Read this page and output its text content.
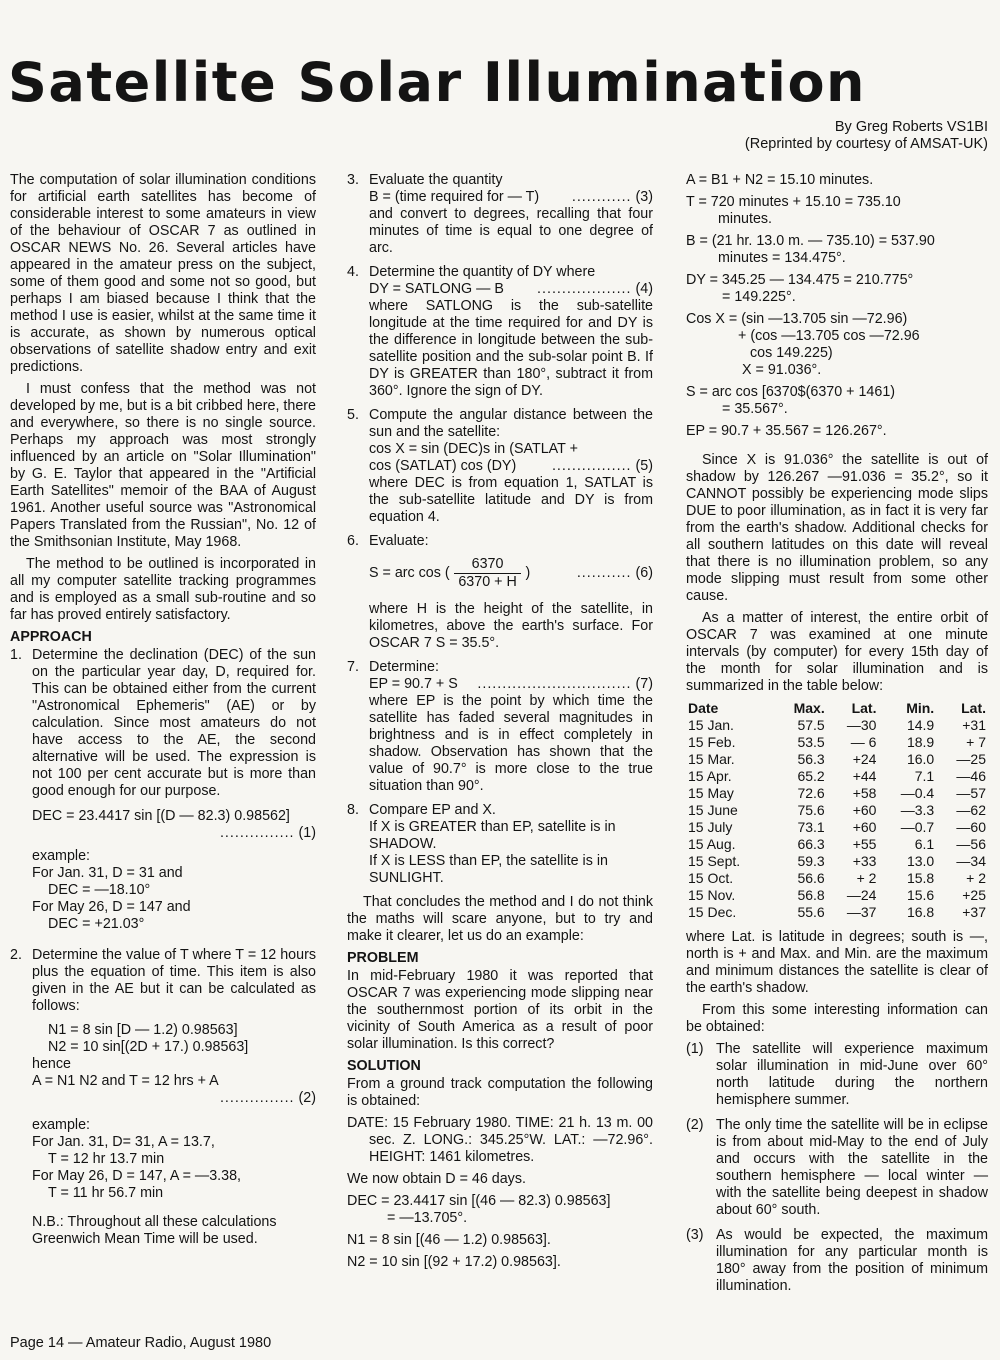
Satellite Solar Illumination
By Greg Roberts VS1BI
(Reprinted by courtesy of AMSAT-UK)

The computation of solar illumination conditions for artificial earth satellites has become of considerable interest to some amateurs in view of the behaviour of OSCAR 7 as outlined in OSCAR NEWS No. 26. Several articles have appeared in the amateur press on the subject, some of them good and some not so good, but perhaps I am biased because I think that the method I use is easier, whilst at the same time it is accurate, as shown by numerous optical observations of satellite shadow entry and exit predictions.

I must confess that the method was not developed by me, but is a bit cribbed here, there and everywhere, so there is no single source. Perhaps my approach was most strongly influenced by an article on "Solar Illumination" by G. E. Taylor that appeared in the "Artificial Earth Satellites" memoir of the BAA of August 1961. Another useful source was "Astronomical Papers Translated from the Russian", No. 12 of the Smithsonian Institute, May 1968.

The method to be outlined is incorporated in all my computer satellite tracking programmes and is employed as a small sub-routine and so far has proved entirely satisfactory.

APPROACH
1. Determine the declination (DEC) of the sun on the particular year day, D, required for. This can be obtained either from the current "Astronomical Ephemeris" (AE) or by calculation. Since most amateurs do not have access to the AE, the second alternative will be used. The expression is not 100 per cent accurate but is more than good enough for our purpose.
DEC = 23.4417 sin [(D — 82.3) 0.98562]
............... (1)
example:
For Jan. 31, D = 31 and
DEC = —18.10°
For May 26, D = 147 and
DEC = +21.03°
2. Determine the value of T where T = 12 hours plus the equation of time. This item is also given in the AE but it can be calculated as follows:
N1 = 8 sin [D — 1.2) 0.98563]
N2 = 10 sin[(2D + 17.) 0.98563]
hence
A = N1 N2 and T = 12 hrs + A
............... (2)
example:
For Jan. 31, D= 31, A = 13.7,
T = 12 hr 13.7 min
For May 26, D = 147, A = —3.38,
T = 11 hr 56.7 min

N.B.: Throughout all these calculations Greenwich Mean Time will be used.

3. Evaluate the quantity
B = (time required for — T)	............ (3)
and convert to degrees, recalling that four minutes of time is equal to one degree of arc.
4. Determine the quantity of DY where
DY = SATLONG — B	................... (4)
where SATLONG is the sub-satellite longitude at the time required for and DY is the difference in longitude between the sub-satellite position and the sub-solar point B. If DY is GREATER than 180°, subtract it from 360°. Ignore the sign of DY.
5. Compute the angular distance between the sun and the satellite:
cos X = sin (DEC)s in (SATLAT +
cos (SATLAT) cos (DY)	................ (5)
where DEC is from equation 1, SATLAT is the sub-satellite latitude and DY is from equation 4.
6. Evaluate:
S = arc cos ( $\frac{6370}{6370 + H}$ )	........... (6)
where H is the height of the satellite, in kilometres, above the earth's surface. For OSCAR 7 S = 35.5°.
7. Determine:
EP = 90.7 + S	............................... (7)
where EP is the point by which time the satellite has faded several magnitudes in brightness and is in effect completely in shadow. Observation has shown that the value of 90.7° is more close to the true situation than 90°.
8. Compare EP and X.
If X is GREATER than EP, satellite is in SHADOW.
If X is LESS than EP, the satellite is in SUNLIGHT.

That concludes the method and I do not think the maths will scare anyone, but to try and make it clearer, let us do an example:

PROBLEM

In mid-February 1980 it was reported that OSCAR 7 was experiencing mode slipping near the southernmost portion of its orbit in the vicinity of South America as a result of poor solar illumination. Is this correct?

SOLUTION

From a ground track computation the following is obtained:

DATE: 15 February 1980. TIME: 21 h. 13 m. 00 sec. Z. LONG.: 345.25°W. LAT.: —72.96°. HEIGHT: 1461 kilometres.

We now obtain D = 46 days.

DEC = 23.4417 sin [(46 — 82.3) 0.98563]
= —13.705°.

N1 = 8 sin [(46 — 1.2) 0.98563].

N2 = 10 sin [(92 + 17.2) 0.98563].

A = B1 + N2 = 15.10 minutes.

T = 720 minutes + 15.10 = 735.10
minutes.
B = (21 hr. 13.0 m. — 735.10) = 537.90
minutes = 134.475°.
DY = 345.25 — 134.475 = 210.775°
= 149.225°.
Cos X = (sin —13.705 sin —72.96)
+ (cos —13.705 cos —72.96
cos 149.225)
X = 91.036°.
S = arc cos [6370$(6370 + 1461)
= 35.567°.

EP = 90.7 + 35.567 = 126.267°.

Since X is 91.036° the satellite is out of shadow by 126.267 —91.036 = 35.2°, so it CANNOT possibly be experiencing mode slips DUE to poor illumination, as in fact it is very far from the earth's shadow. Additional checks for all southern latitudes on this date will reveal that there is no illumination problem, so any mode slipping must result from some other cause.

As a matter of interest, the entire orbit of OSCAR 7 was examined at one minute intervals (by computer) for every 15th day of the month for solar illumination and is summarized in the table below:

Date	Max.	Lat.	Min.	Lat.
15 Jan.	57.5	—30	14.9	+31
15 Feb.	53.5	— 6	18.9	+ 7
15 Mar.	56.3	+24	16.0	—25
15 Apr.	65.2	+44	7.1	—46
15 May	72.6	+58	—0.4	—57
15 June	75.6	+60	—3.3	—62
15 July	73.1	+60	—0.7	—60
15 Aug.	66.3	+55	6.1	—56
15 Sept.	59.3	+33	13.0	—34
15 Oct.	56.6	+ 2	15.8	+ 2
15 Nov.	56.8	—24	15.6	+25
15 Dec.	55.6	—37	16.8	+37

where Lat. is latitude in degrees; south is —, north is + and Max. and Min. are the maximum and minimum distances the satellite is clear of the earth's shadow.

From this some interesting information can be obtained:

(1) The satellite will experience maximum solar illumination in mid-June over 60° north latitude during the northern hemisphere summer.
(2) The only time the satellite will be in eclipse is from about mid-May to the end of July and occurs with the satellite in the southern hemisphere — local winter — with the satellite being deepest in shadow about 60° south.
(3) As would be expected, the maximum illumination for any particular month is 180° away from the position of minimum illumination.
Page 14 — Amateur Radio, August 1980
